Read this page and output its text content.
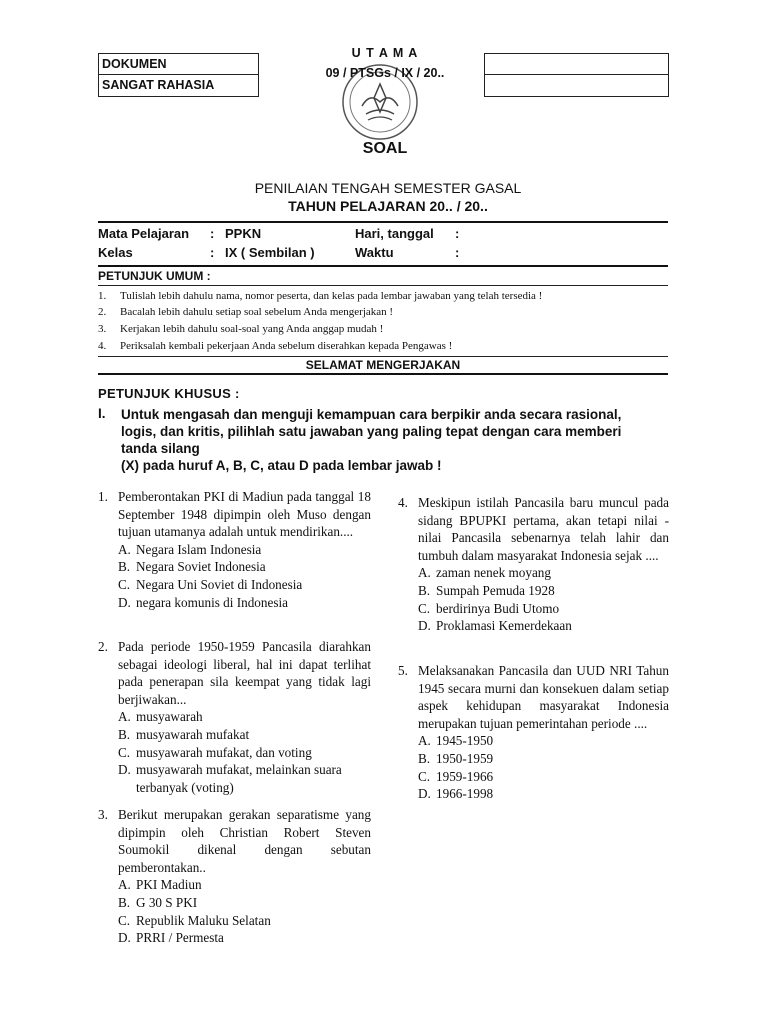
DOKUMEN
SANGAT RAHASIA
U T A M A
09 / PTSGs / IX / 20..
SOAL
PENILAIAN TENGAH SEMESTER GASAL
TAHUN PELAJARAN 20.. / 20..
Mata Pelajaran : PPKN	Hari, tanggal :
Kelas	: IX ( Sembilan )	Waktu	:
PETUNJUK UMUM :
1. Tulislah lebih dahulu nama, nomor peserta, dan kelas pada lembar jawaban yang telah tersedia !
2. Bacalah lebih dahulu setiap soal sebelum Anda mengerjakan !
3. Kerjakan lebih dahulu soal-soal yang Anda anggap mudah !
4. Periksalah kembali pekerjaan Anda sebelum diserahkan kepada Pengawas !
SELAMAT MENGERJAKAN
PETUNJUK KHUSUS :
I. Untuk mengasah dan menguji kemampuan cara berpikir anda secara rasional, logis, dan kritis, pilihlah satu jawaban yang paling tepat dengan cara memberi tanda silang
(X) pada huruf A, B, C, atau D pada lembar jawab !
1. Pemberontakan PKI di Madiun pada tanggal 18 September 1948 dipimpin oleh Muso dengan tujuan utamanya adalah untuk mendirikan....
A. Negara Islam Indonesia
B. Negara Soviet Indonesia
C. Negara Uni Soviet di Indonesia
D. negara komunis di Indonesia
2. Pada periode 1950-1959 Pancasila diarahkan sebagai ideologi liberal, hal ini dapat terlihat pada penerapan sila keempat yang tidak lagi berjiwakan...
A. musyawarah
B. musyawarah mufakat
C. musyawarah mufakat, dan voting
D. musyawarah mufakat, melainkan suara terbanyak (voting)
3. Berikut merupakan gerakan separatisme yang dipimpin oleh Christian Robert Steven Soumokil dikenal dengan sebutan pemberontakan..
A. PKI Madiun
B. G 30 S PKI
C. Republik Maluku Selatan
D. PRRI / Permesta
4. Meskipun istilah Pancasila baru muncul pada sidang BPUPKI pertama, akan tetapi nilai - nilai Pancasila sebenarnya telah lahir dan tumbuh dalam masyarakat Indonesia sejak ....
A. zaman nenek moyang
B. Sumpah Pemuda 1928
C. berdirinya Budi Utomo
D. Proklamasi Kemerdekaan
5. Melaksanakan Pancasila dan UUD NRI Tahun 1945 secara murni dan konsekuen dalam setiap aspek kehidupan masyarakat Indonesia merupakan tujuan pemerintahan periode ....
A. 1945-1950
B. 1950-1959
C. 1959-1966
D. 1966-1998
